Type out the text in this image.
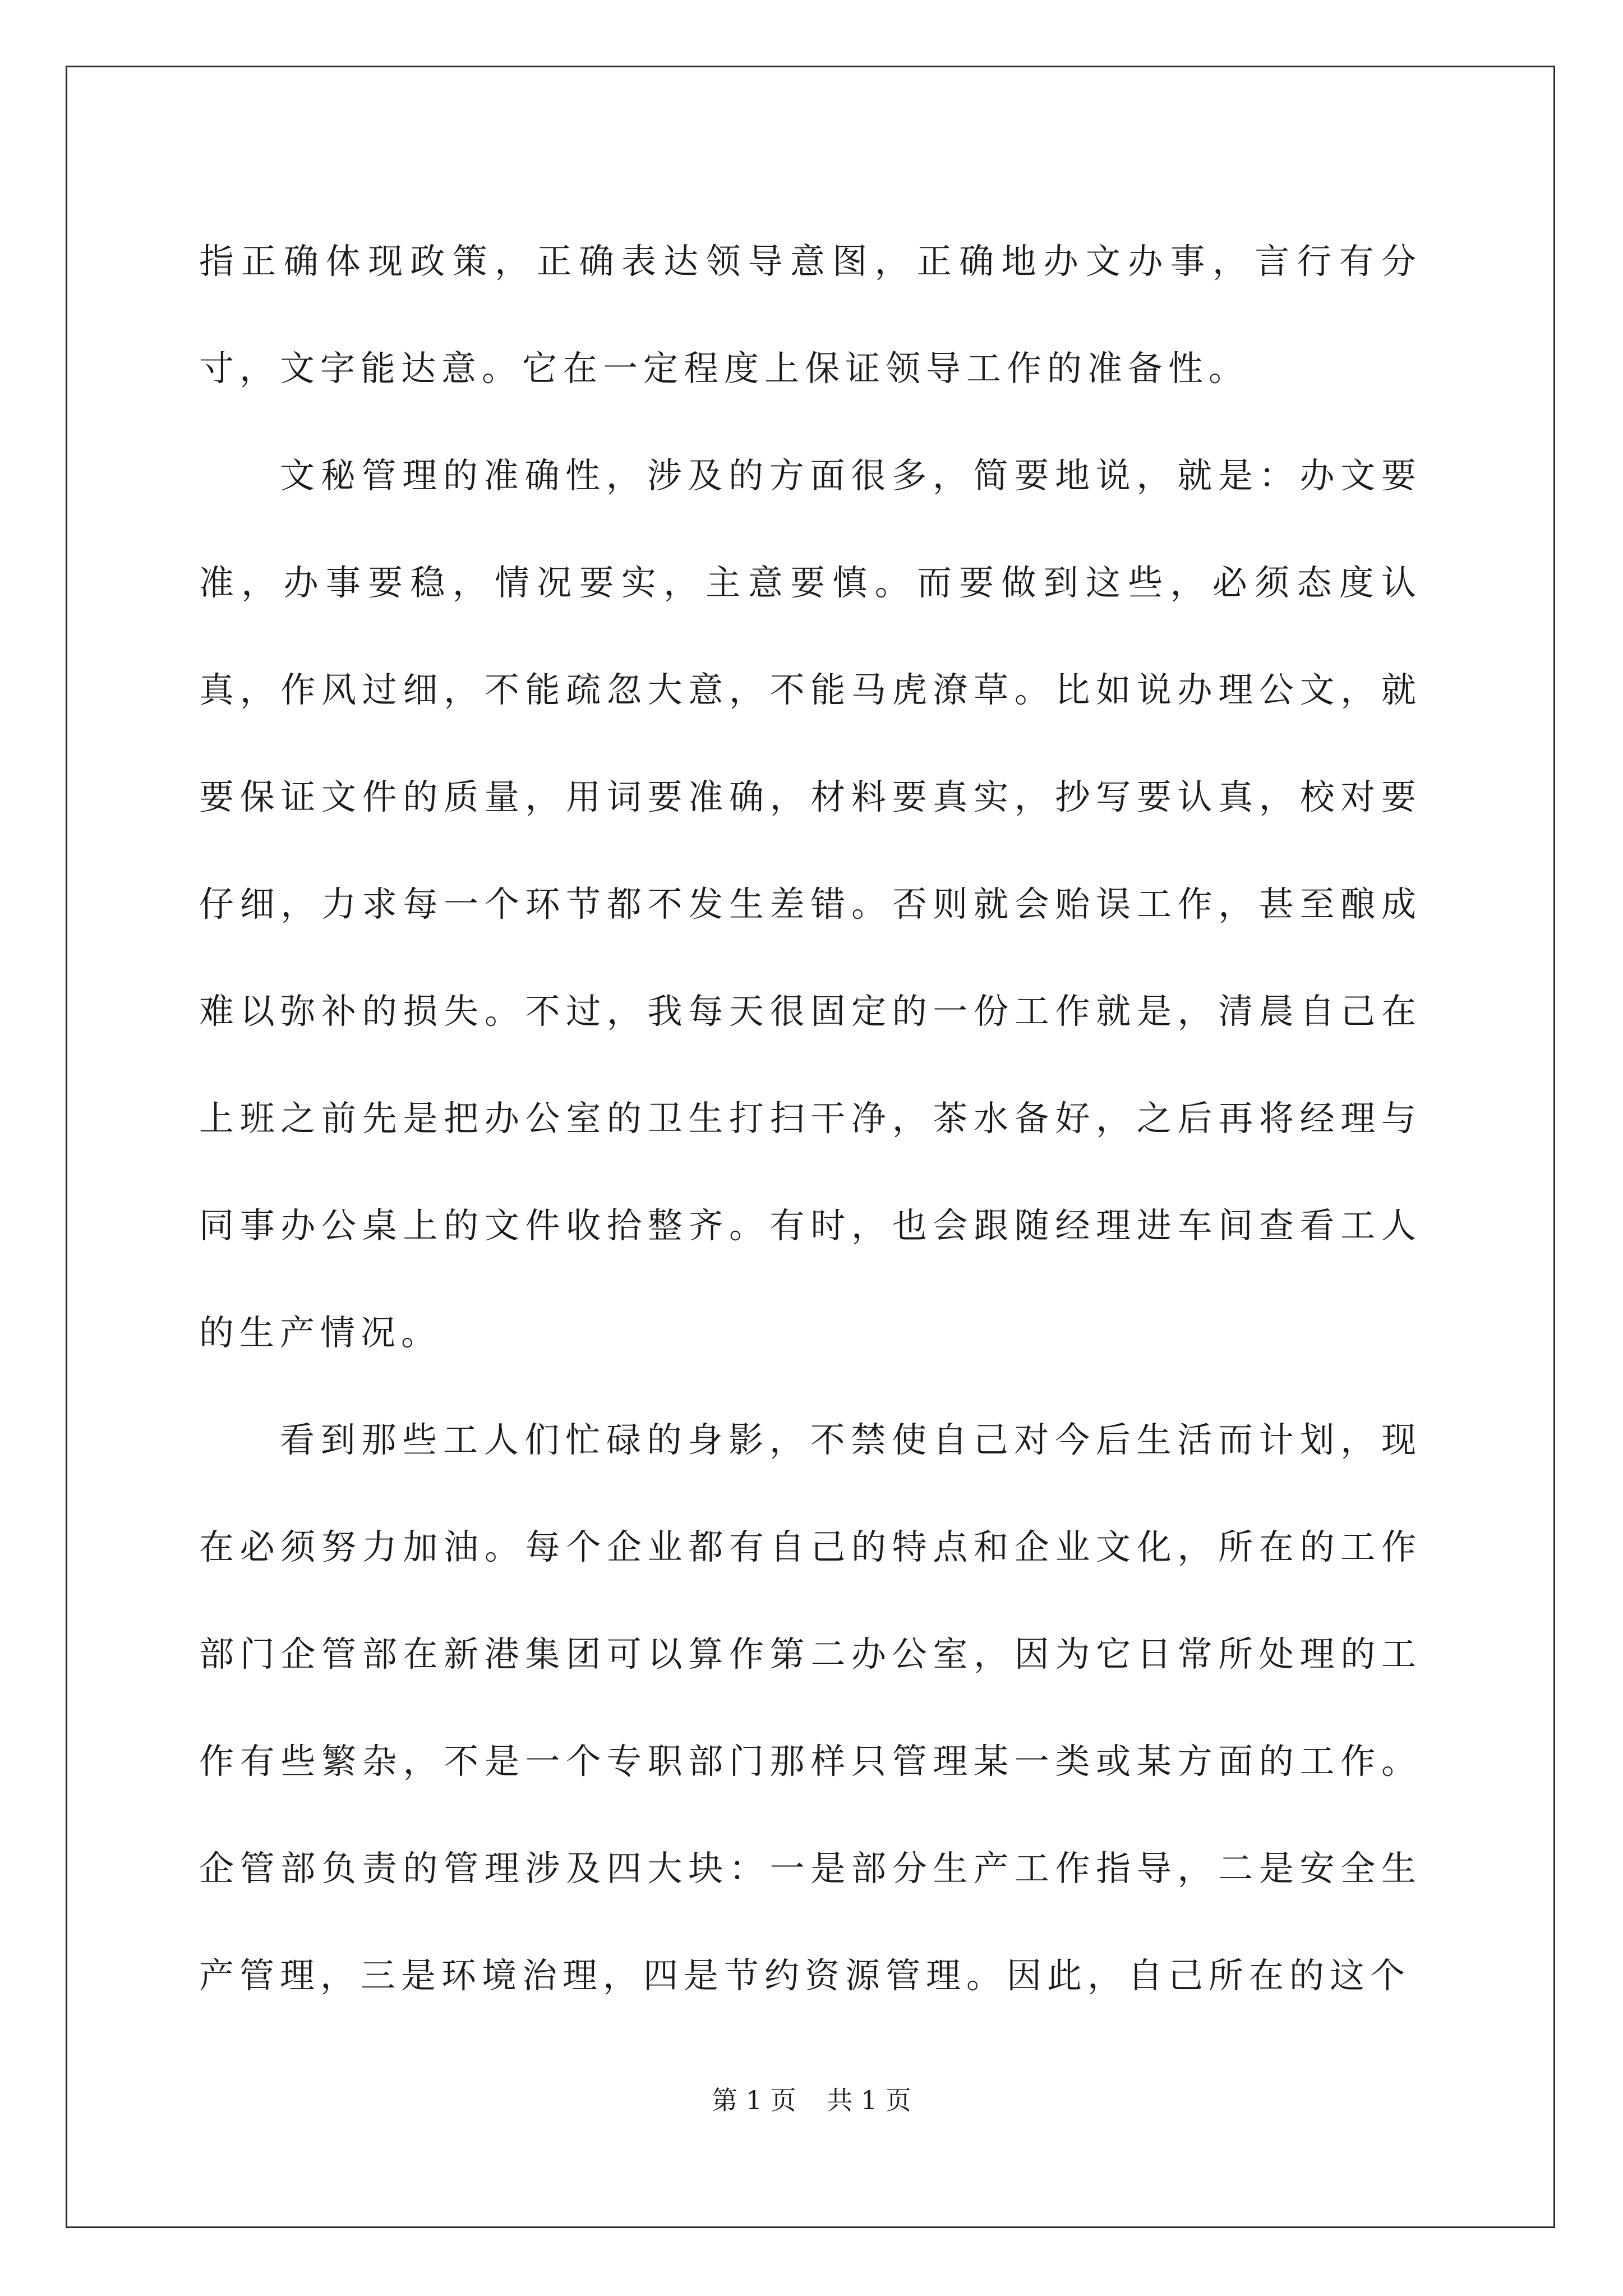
指正确体现政策，正确表达领导意图，正确地办文办事，言行有分寸，文字能达意。它在一定程度上保证领导工作的准备性。

文秘管理的准确性，涉及的方面很多，简要地说，就是：办文要准，办事要稳，情况要实，主意要慎。而要做到这些，必须态度认真，作风过细，不能疏忽大意，不能马虎潦草。比如说办理公文，就要保证文件的质量，用词要准确，材料要真实，抄写要认真，校对要仔细，力求每一个环节都不发生差错。否则就会贻误工作，甚至酿成难以弥补的损失。不过，我每天很固定的一份工作就是，清晨自己在上班之前先是把办公室的卫生打扫干净，茶水备好，之后再将经理与同事办公桌上的文件收拾整齐。有时，也会跟随经理进车间查看工人的生产情况。

看到那些工人们忙碌的身影，不禁使自己对今后生活而计划，现在必须努力加油。每个企业都有自己的特点和企业文化，所在的工作部门企管部在新港集团可以算作第二办公室，因为它日常所处理的工作有些繁杂，不是一个专职部门那样只管理某一类或某方面的工作。企管部负责的管理涉及四大块：一是部分生产工作指导，二是安全生产管理，三是环境治理，四是节约资源管理。因此，自己所在的这个

第 1 页 共 1 页
